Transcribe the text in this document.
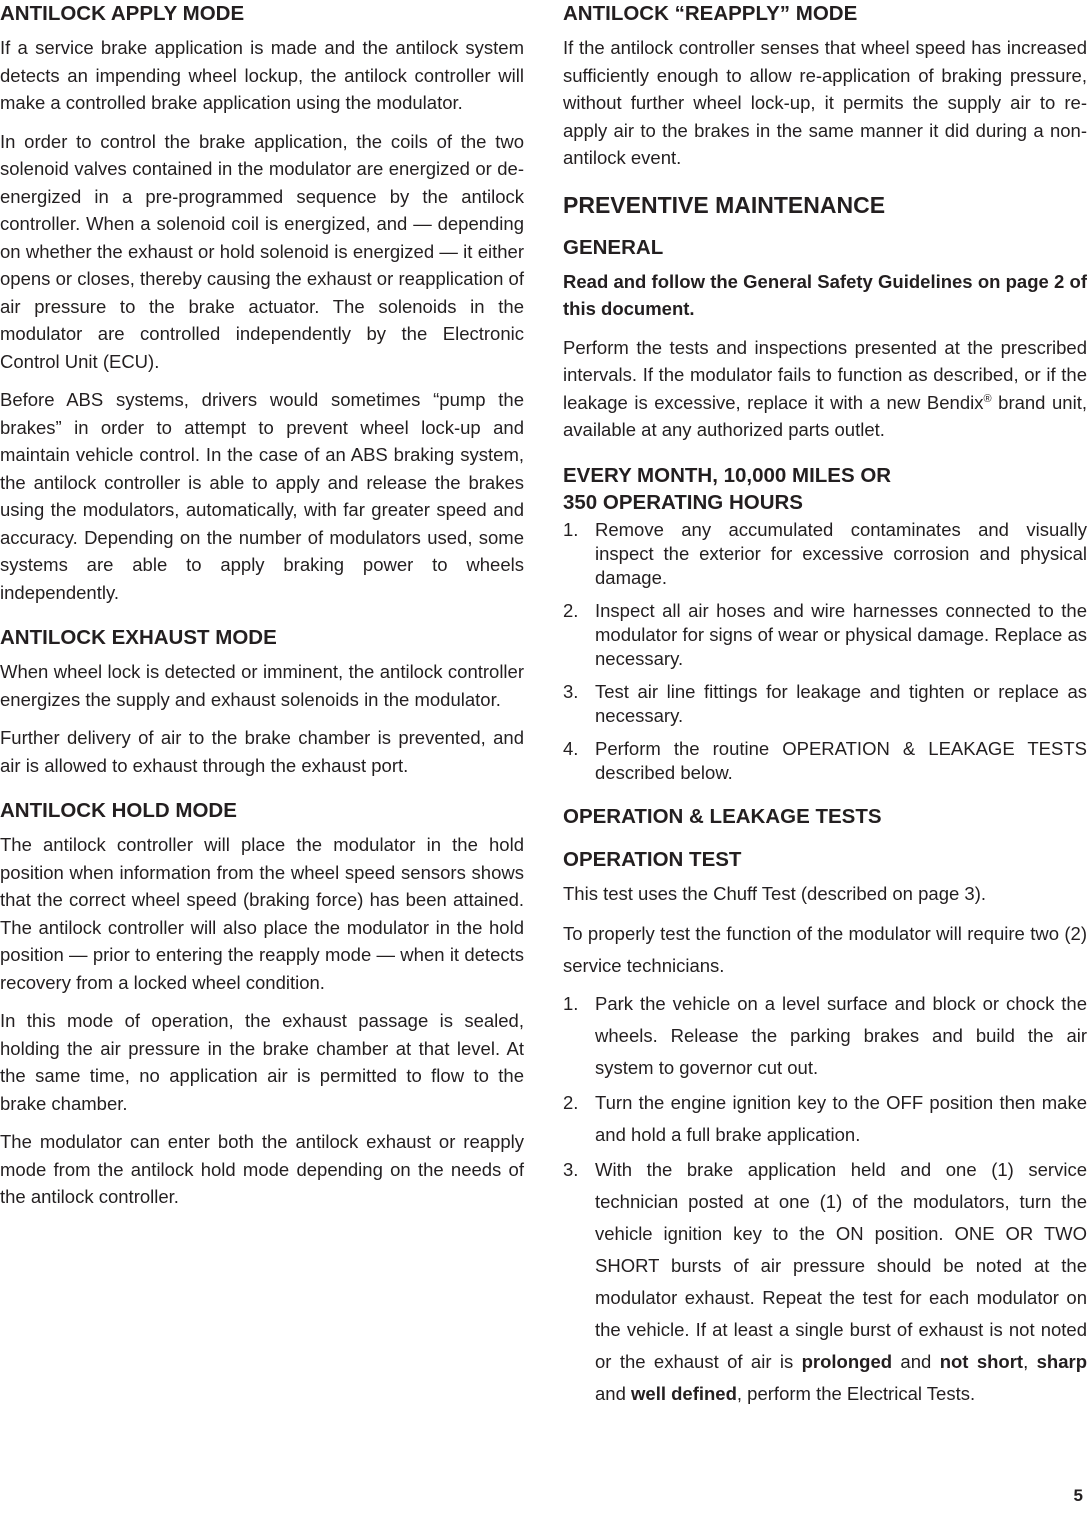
ANTILOCK APPLY MODE

If a service brake application is made and the antilock system detects an impending wheel lockup, the antilock controller will make a controlled brake application using the modulator.

In order to control the brake application, the coils of the two solenoid valves contained in the modulator are energized or de-energized in a pre-programmed sequence by the antilock controller. When a solenoid coil is energized, and — depending on whether the exhaust or hold solenoid is energized — it either opens or closes, thereby causing the exhaust or reapplication of air pressure to the brake actuator. The solenoids in the modulator are controlled independently by the Electronic Control Unit (ECU).

Before ABS systems, drivers would sometimes “pump the brakes” in order to attempt to prevent wheel lock-up and maintain vehicle control. In the case of an ABS braking system, the antilock controller is able to apply and release the brakes using the modulators, automatically, with far greater speed and accuracy. Depending on the number of modulators used, some systems are able to apply braking power to wheels independently.

ANTILOCK EXHAUST MODE

When wheel lock is detected or imminent, the antilock controller energizes the supply and exhaust solenoids in the modulator.

Further delivery of air to the brake chamber is prevented, and air is allowed to exhaust through the exhaust port.

ANTILOCK HOLD MODE

The antilock controller will place the modulator in the hold position when information from the wheel speed sensors shows that the correct wheel speed (braking force) has been attained. The antilock controller will also place the modulator in the hold position — prior to entering the reapply mode — when it detects recovery from a locked wheel condition.

In this mode of operation, the exhaust passage is sealed, holding the air pressure in the brake chamber at that level. At the same time, no application air is permitted to flow to the brake chamber.

The modulator can enter both the antilock exhaust or reapply mode from the antilock hold mode depending on the needs of the antilock controller.

ANTILOCK “REAPPLY” MODE

If the antilock controller senses that wheel speed has increased sufficiently enough to allow re-application of braking pressure, without further wheel lock-up, it permits the supply air to re-apply air to the brakes in the same manner it did during a non-antilock event.

PREVENTIVE MAINTENANCE
GENERAL

Read and follow the General Safety Guidelines on page 2 of this document.

Perform the tests and inspections presented at the prescribed intervals. If the modulator fails to function as described, or if the leakage is excessive, replace it with a new Bendix® brand unit, available at any authorized parts outlet.

EVERY MONTH, 10,000 MILES OR
350 OPERATING HOURS
1. Remove any accumulated contaminates and visually inspect the exterior for excessive corrosion and physical damage.
2. Inspect all air hoses and wire harnesses connected to the modulator for signs of wear or physical damage. Replace as necessary.
3. Test air line fittings for leakage and tighten or replace as necessary.
4. Perform the routine OPERATION & LEAKAGE TESTS described below.
OPERATION & LEAKAGE TESTS
OPERATION TEST

This test uses the Chuff Test (described on page 3).

To properly test the function of the modulator will require two (2) service technicians.

1. Park the vehicle on a level surface and block or chock the wheels. Release the parking brakes and build the air system to governor cut out.
2. Turn the engine ignition key to the OFF position then make and hold a full brake application.
3. With the brake application held and one (1) service technician posted at one (1) of the modulators, turn the vehicle ignition key to the ON position. ONE OR TWO SHORT bursts of air pressure should be noted at the modulator exhaust. Repeat the test for each modulator on the vehicle. If at least a single burst of exhaust is not noted or the exhaust of air is prolonged and not short, sharp and well defined, perform the Electrical Tests.
5
